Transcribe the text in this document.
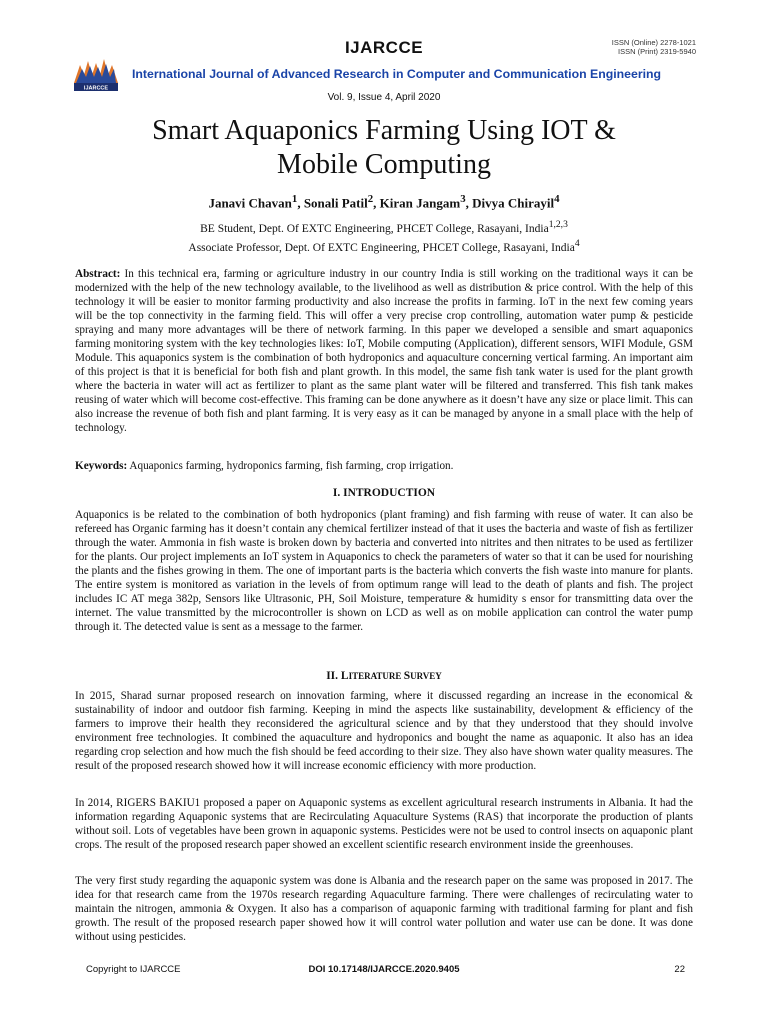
IJARCCE	ISSN (Online) 2278-1021
ISSN (Print) 2319-5940
IJARCCE
International Journal of Advanced Research in Computer and Communication Engineering
Vol. 9, Issue 4, April 2020
Smart Aquaponics Farming Using IOT &
Mobile Computing
Janavi Chavan$^1$, Sonali Patil$^2$, Kiran Jangam$^3$, Divya Chirayil$^4$
BE Student, Dept. Of EXTC Engineering, PHCET College, Rasayani, India$^{1,2,3}$
Associate Professor, Dept. Of EXTC Engineering, PHCET College, Rasayani, India$^4$
Abstract: In this technical era, farming or agriculture industry in our country India is still working on the traditional ways it can be modernized with the help of the new technology available, to the livelihood as well as distribution & price control. With the help of this technology it will be easier to monitor farming productivity and also increase the profits in farming. IoT in the next few coming years will be the top connectivity in the farming field. This will offer a very precise crop controlling, automation water pump & pesticide spraying and many more advantages will be there of network farming. In this paper we developed a sensible and smart aquaponics farming monitoring system with the key technologies likes: IoT, Mobile computing (Application), different sensors, WIFI Module, GSM Module. This aquaponics system is the combination of both hydroponics and aquaculture concerning vertical farming. An important aim of this project is that it is beneficial for both fish and plant growth. In this model, the same fish tank water is used for the plant growth where the bacteria in water will act as fertilizer to plant as the same plant water will be filtered and transferred. This fish tank makes reusing of water which will become cost-effective. This framing can be done anywhere as it doesn’t have any size or place limit. This can also increase the revenue of both fish and plant farming. It is very easy as it can be managed by anyone in a small place with the help of technology.
Keywords: Aquaponics farming, hydroponics farming, fish farming, crop irrigation.
I. INTRODUCTION
Aquaponics is be related to the combination of both hydroponics (plant framing) and fish farming with reuse of water. It can also be refereed has Organic farming has it doesn’t contain any chemical fertilizer instead of that it uses the bacteria and waste of fish as fertilizer through the water. Ammonia in fish waste is broken down by bacteria and converted into nitrites and then nitrates to be used as fertilizer for the plants. Our project implements an IoT system in Aquaponics to check the parameters of water so that it can be used for nourishing the plants and the fishes growing in them. The one of important parts is the bacteria which converts the fish waste into manure for plants. The entire system is monitored as variation in the levels of from optimum range will lead to the death of plants and fish. The project includes IC AT mega 382p, Sensors like Ultrasonic, PH, Soil Moisture, temperature & humidity s ensor for transmitting data over the internet. The value transmitted by the microcontroller is shown on LCD as well as on mobile application can control the water pump through it. The detected value is sent as a message to the farmer.
II. LITERATURE SURVEY
In 2015, Sharad surnar proposed research on innovation farming, where it discussed regarding an increase in the economical & sustainability of indoor and outdoor fish farming. Keeping in mind the aspects like sustainability, development & efficiency of the farmers to improve their health they reconsidered the agricultural science and by that they understood that they should involve environment free technologies. It combined the aquaculture and hydroponics and bought the name as aquaponic. It also has an idea regarding crop selection and how much the fish should be feed according to their size. They also have shown water quality measures. The result of the proposed research showed how it will increase economic efficiency with more production.
In 2014, RIGERS BAKIU1 proposed a paper on Aquaponic systems as excellent agricultural research instruments in Albania. It had the information regarding Aquaponic systems that are Recirculating Aquaculture Systems (RAS) that incorporate the production of plants without soil. Lots of vegetables have been grown in aquaponic systems. Pesticides were not be used to control insects on aquaponic plant crops. The result of the proposed research paper showed an excellent scientific research environment inside the greenhouses.
The very first study regarding the aquaponic system was done is Albania and the research paper on the same was proposed in 2017. The idea for that research came from the 1970s research regarding Aquaculture farming. There were challenges of recirculating water to maintain the nitrogen, ammonia & Oxygen. It also has a comparison of aquaponic farming with traditional farming for plant and fish growth. The result of the proposed research paper showed how it will control water pollution and water use can be done. It was done without using pesticides.
Copyright to IJARCCE	DOI 10.17148/IJARCCE.2020.9405	22
